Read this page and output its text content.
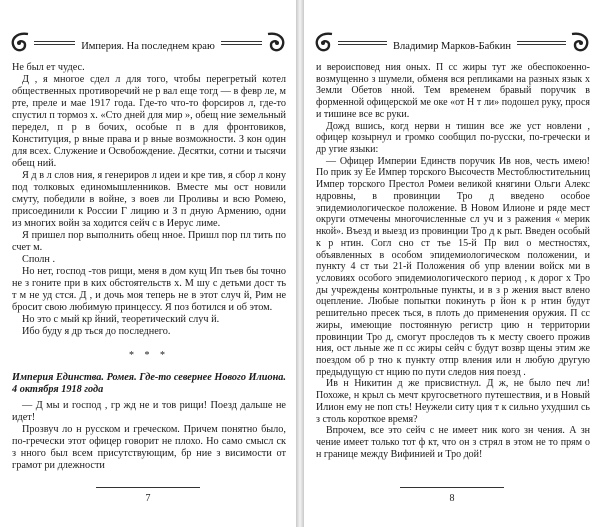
Империя. На последнем краю

Не был ет чудес.

Д , я многое сдел л для того, чтобы перегретый котел общественных противоречий не р вал еще тогд — в февр ле, м рте, преле и мае 1917 года. Где-то что-то форсиров л, где-то спустил п тормоз х. «Сто дней для мир », обещ ние земельный передел, п р в бочих, особые п в для фронтовиков, Конституция, р вные права и р вные возможности. З кон один для всех. Служение и Освобождение. Десятки, сотни и тысячи обещ ний.

Я д в л слов ния, я генериров л идеи и кре тив, я сбор л кону под толковых единомышленников. Вместе мы ост новили смуту, победили в войне, з воев ли Проливы и всю Ромею, присоединили к России Г лицию и З п дную Армению, одни из многих войн за ходится сейч с в Иерус лиме.

Я пришел пор выполнить обещ нное. Пришл пор пл тить по счет м.

Сполн .

Но нет, господ -тов рищи, меня в дом кущ Ип тьев бы точно не з гоните при в ких обстоятельств х. М шу с детьми дост ть т м не уд стся. Д , и дочь моя теперь не в этот случ й, Рим не бросит свою любимую принцессу. Я поз ботился и об этом.

Но это с мый кр йний, теоретический случ й.

Ибо буду я др ться до последнего.

* * *

Империя Единства. Ромея. Где-то севернее Нового Илиона. 4 октября 1918 года

— Д мы и господ , гр жд не и тов рищи! Поезд дальше не идет!

Прозвуч ло н русском и греческом. Причем понятно было, по-гречески этот офицер говорит не плохо. Но само смысл ск з нного был всем присутствующим, бр ние з висимости от грамот ри длежности

7
Владимир Марков-Бабкин

и вероисповед ния оных. П сс жиры тут же обеспокоенно-возмущенно з шумели, обменя вся репликами на разных язык х Земли Обетов нной. Тем временем бравый поручик в форменной офицерской ме оке «от Н т ли» подошел руку, прося и тишине все вс руки.

Дожд вшись, когд нерви н тишин все же уст новлени , офицер козырнул и громко сообщил по-русски, по-гречески и др угие языки:

— Офицер Империи Единств поручик Ив нов, честь имею! По прик зу Ее Импер торского Высочеств Местоблюстительниц Импер торского Престол Ромеи великой княгини Ольги Алекс ндровны, в провинции Тро д введено особое эпидемиологическое положение. В Новом Илионе и ряде мест округи отмечены многочисленные сл уч и з ражения « мерик нкой». Въезд и выезд из провинции Тро д к рыт. Введен особый к р нтин. Согл сно ст тье 15-й Пр вил о местностях, объявленных в особом эпидемиологическом положении, и пункту 4 ст тьи 21-й Положения об упр влении войск ми в условиях особого эпидемиологического период , к дорог х Тро ды учреждены контрольные пункты, и в з р жения выст влено оцепление. Любые попытки покинуть р йон к р нтин будут решительно пресек ться, в плоть до применения оружия. П сс жиры, имеющие постоянную регистр цию н территории провинции Тро д, смогут проследов ть к месту своего прожив ния, ост льные же п сс жиры сейч с будут возвр щены этим же поездом об р тно к пункту отпр вления или н любую другую предыдущую ст нцию по пути следов ния поезд .

Ив н Никитин д же присвистнул. Д ж, не было печ ли! Похоже, н крыл сь мечт кругосветного путешествия, и в Новый Илион ему не поп сть! Неужели ситу ция т к сильно ухудшил сь з столь короткое время?

Впрочем, все это сейч с не имеет ник кого зн чения. А зн чение имеет только тот ф кт, что он з стрял в этом не то прям о н границе между Вифинией и Тро дой!

8
